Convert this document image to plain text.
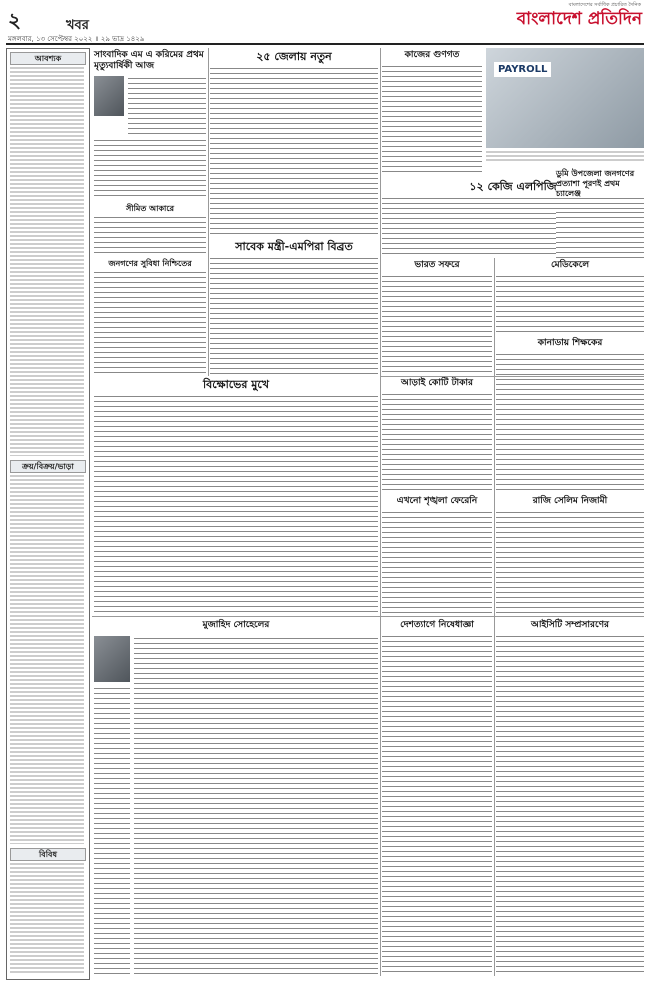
২	খবর
বাংলাদেশের সর্বাধিক প্রচারিত দৈনিক
বাংলাদেশ প্রতিদিন
মঙ্গলবার, ১৩ সেপ্টেম্বর ২০২২ ॥ ২৯ ভাদ্র ১৪২৯
আবশ্যক
ক্রয়/বিক্রয়/ভাড়া
বিবিধ
সাংবাদিক এম এ করিমের প্রথম মৃত্যুবার্ষিকী আজ
সীমিত আকারে
জনগণের সুবিধা নিশ্চিতের
২৫ জেলায় নতুন	কাজের গুণগত
PAYROLL
১২ কেজি এলপিজি
সাবেক মন্ত্রী-এমপিরা বিব্রত
ভারত সফরে	মেডিকেলে
বিক্ষোভের মুখে	আড়াই কোটি টাকার
কানাডায় শিক্ষকের
এখনো শৃঙ্খলা ফেরেনি	রাজি সেলিম নিজামী
মুজাহিদ সোহেলের	দেশত্যাগে নিষেধাজ্ঞা	আইসিটি সম্প্রসারণের
ডুমি উপজেলা জনগণের প্রত্যাশা পূরণই প্রথম চ্যালেঞ্জ
